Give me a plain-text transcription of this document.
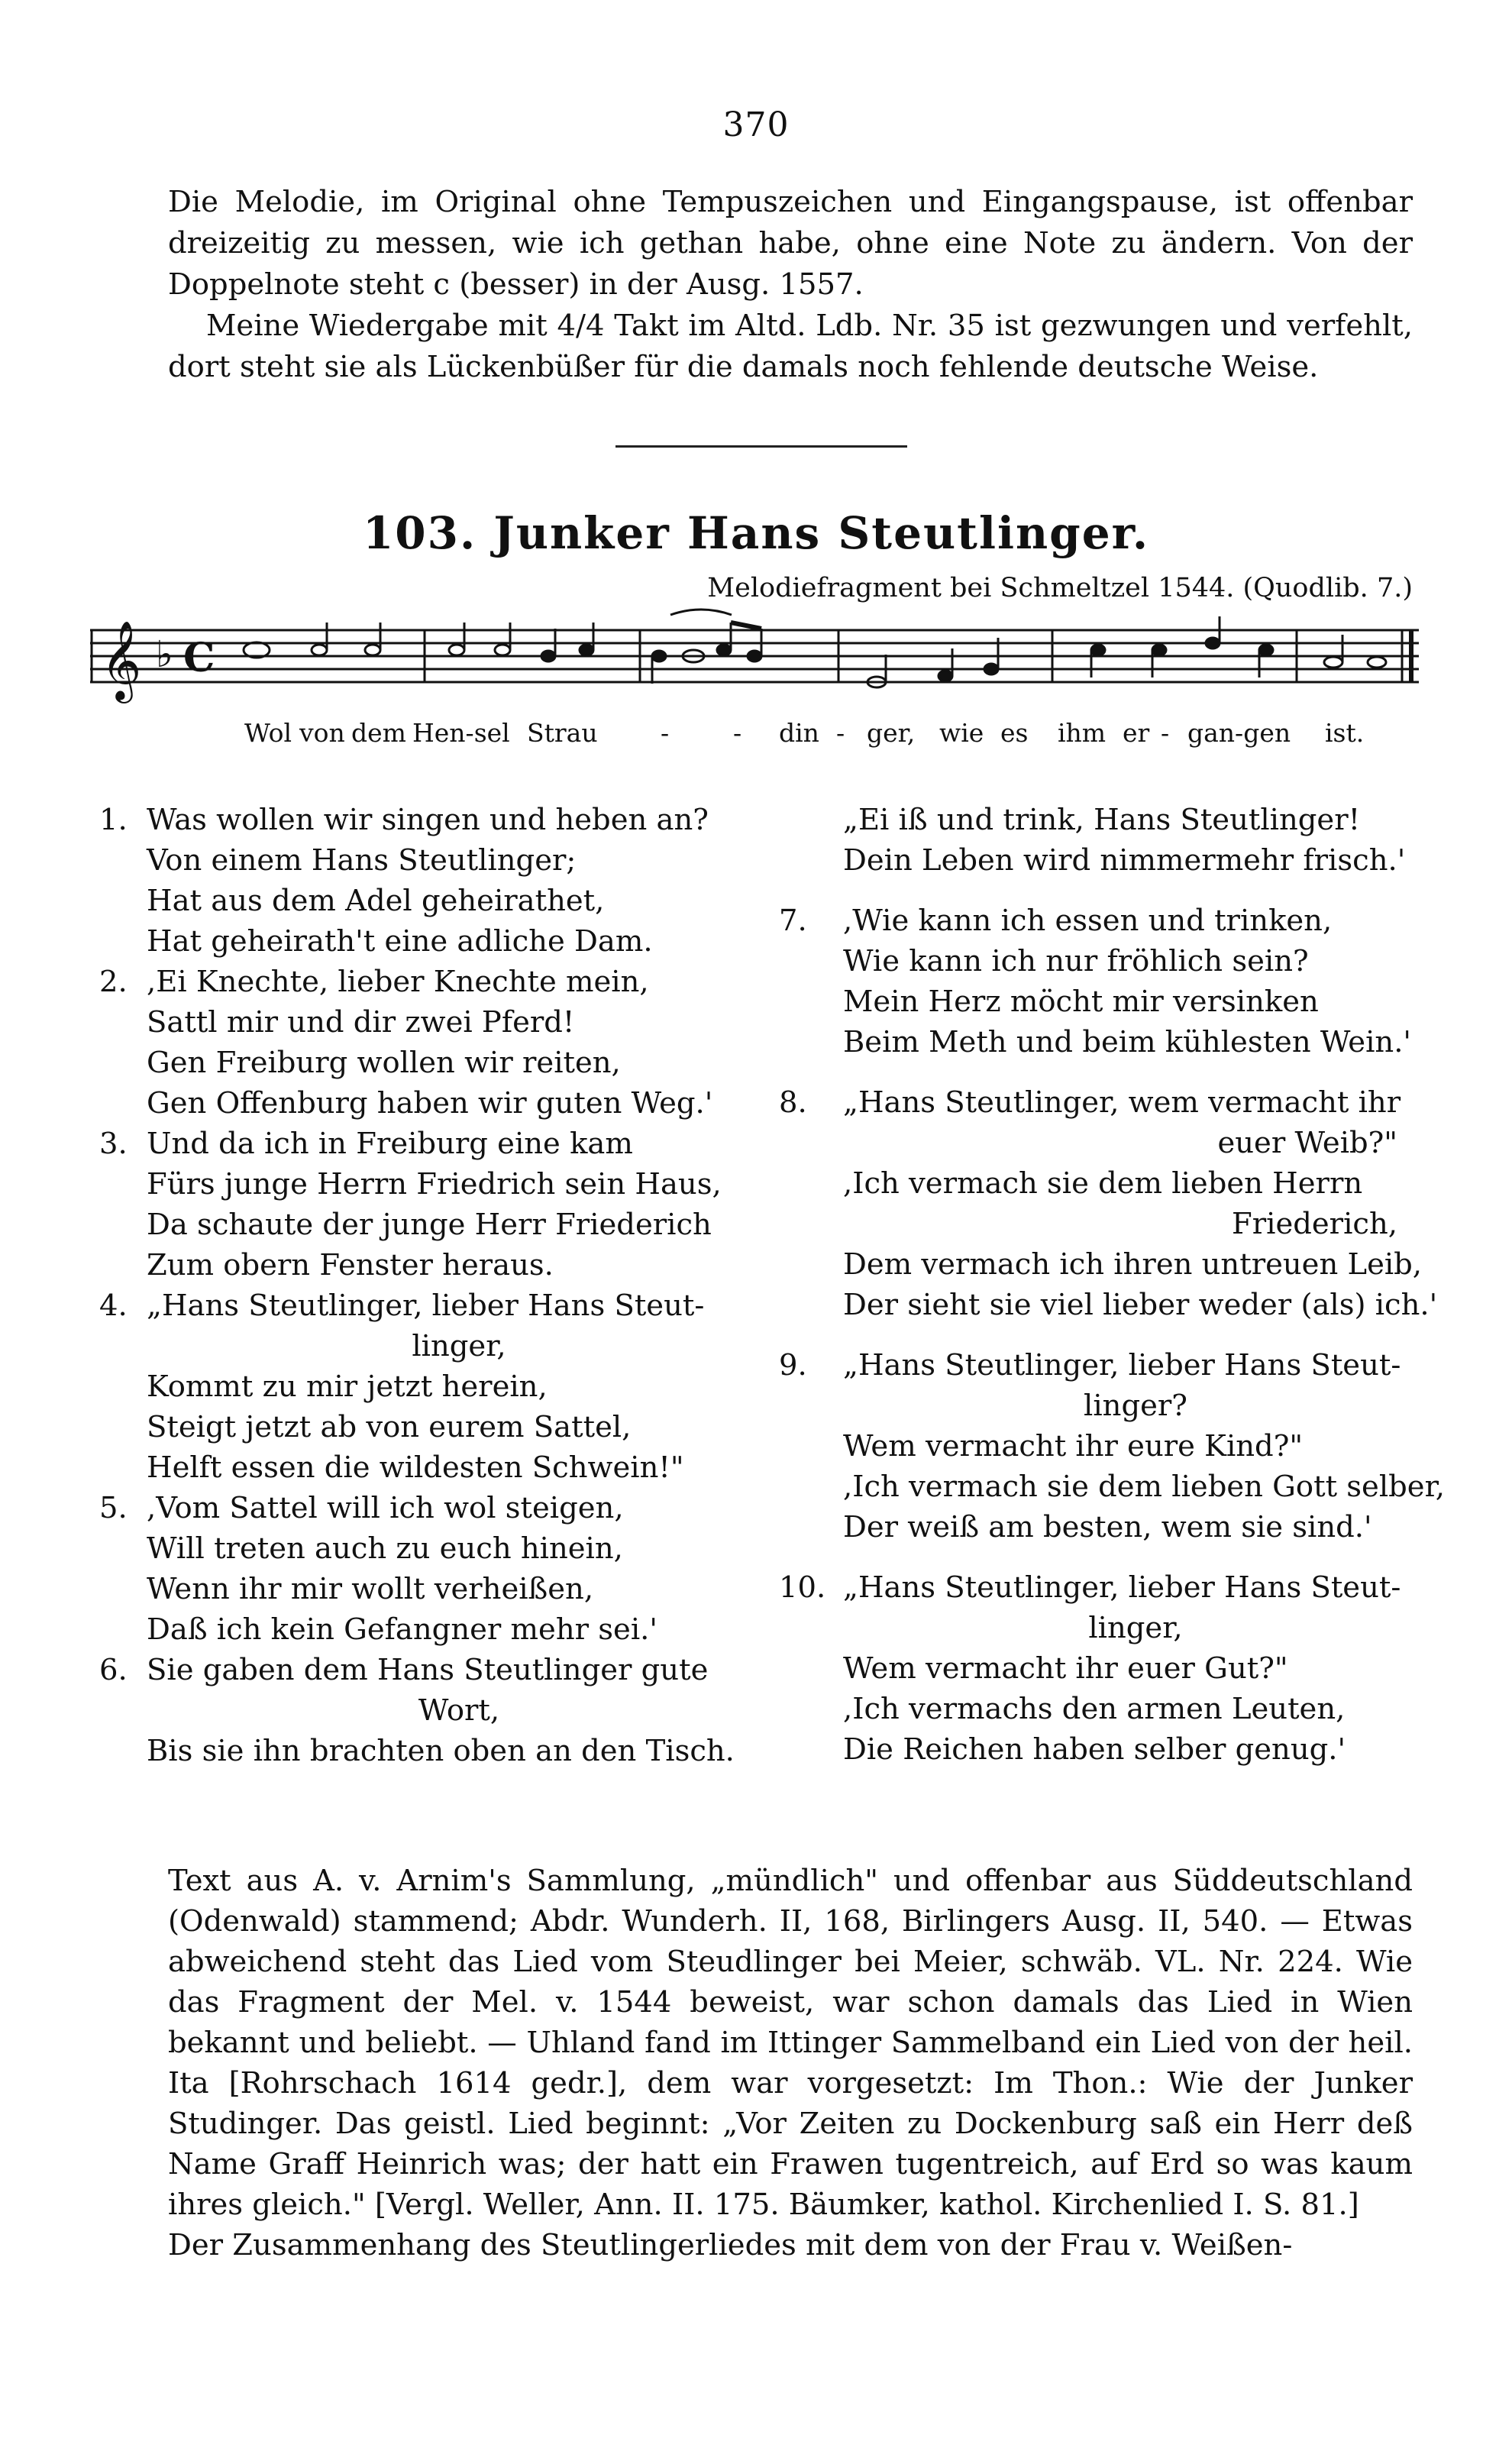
370

Die Melodie, im Original ohne Tempuszeichen und Eingangspause, ist offenbar dreizeitig zu messen, wie ich gethan habe, ohne eine Note zu ändern. Von der Doppelnote steht c (besser) in der Ausg. 1557.

Meine Wiedergabe mit 4/4 Takt im Altd. Ldb. Nr. 35 ist gezwungen und verfehlt, dort steht sie als Lückenbüßer für die damals noch fehlende deutsche Weise.

103. Junker Hans Steutlinger.
Melodiefragment bei Schmeltzel 1544. (Quodlib. 7.)
𝄞 ♭ C
Wol von dem Hen-sel Strau -	- din - ger, wie es ihm er - gan-gen ist.
1. Was wollen wir singen und heben an?
Von einem Hans Steutlinger;
Hat aus dem Adel geheirathet,
Hat geheirath't eine adliche Dam.
2. ,Ei Knechte, lieber Knechte mein,
Sattl mir und dir zwei Pferd!
Gen Freiburg wollen wir reiten,
Gen Offenburg haben wir guten Weg.'
3. Und da ich in Freiburg eine kam
Fürs junge Herrn Friedrich sein Haus,
Da schaute der junge Herr Friederich
Zum obern Fenster heraus.
4. „Hans Steutlinger, lieber Hans Steut-
linger,
Kommt zu mir jetzt herein,
Steigt jetzt ab von eurem Sattel,
Helft essen die wildesten Schwein!"
5. ,Vom Sattel will ich wol steigen,
Will treten auch zu euch hinein,
Wenn ihr mir wollt verheißen,
Daß ich kein Gefangner mehr sei.'
6. Sie gaben dem Hans Steutlinger gute
Wort,
Bis sie ihn brachten oben an den Tisch.
„Ei iß und trink, Hans Steutlinger!
Dein Leben wird nimmermehr frisch.'
7. ,Wie kann ich essen und trinken,
Wie kann ich nur fröhlich sein?
Mein Herz möcht mir versinken
Beim Meth und beim kühlesten Wein.'
8. „Hans Steutlinger, wem vermacht ihr
euer Weib?"
,Ich vermach sie dem lieben Herrn
Friederich,
Dem vermach ich ihren untreuen Leib,
Der sieht sie viel lieber weder (als) ich.'
9. „Hans Steutlinger, lieber Hans Steut-
linger?
Wem vermacht ihr eure Kind?"
,Ich vermach sie dem lieben Gott selber,
Der weiß am besten, wem sie sind.'
10. „Hans Steutlinger, lieber Hans Steut-
linger,
Wem vermacht ihr euer Gut?"
,Ich vermachs den armen Leuten,
Die Reichen haben selber genug.'

Text aus A. v. Arnim's Sammlung, „mündlich" und offenbar aus Süddeutschland (Odenwald) stammend; Abdr. Wunderh. II, 168, Birlingers Ausg. II, 540. — Etwas abweichend steht das Lied vom Steudlinger bei Meier, schwäb. VL. Nr. 224. Wie das Fragment der Mel. v. 1544 beweist, war schon damals das Lied in Wien bekannt und beliebt. — Uhland fand im Ittinger Sammelband ein Lied von der heil. Ita [Rohrschach 1614 gedr.], dem war vorgesetzt: Im Thon.: Wie der Junker Studinger. Das geistl. Lied beginnt: „Vor Zeiten zu Dockenburg saß ein Herr deß Name Graff Heinrich was; der hatt ein Frawen tugentreich, auf Erd so was kaum ihres gleich." [Vergl. Weller, Ann. II. 175. Bäumker, kathol. Kirchenlied I. S. 81.]

Der Zusammenhang des Steutlingerliedes mit dem von der Frau v. Weißen-
